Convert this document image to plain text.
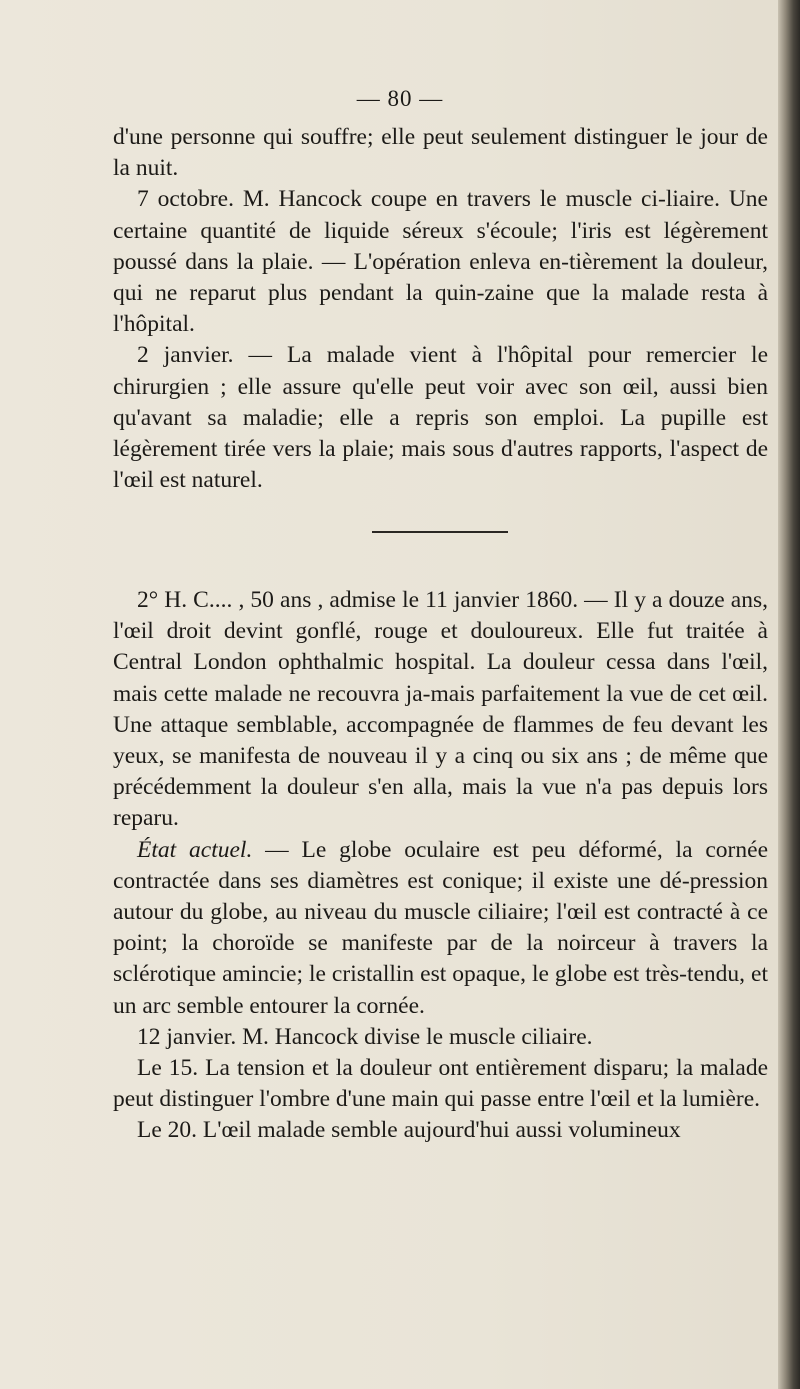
— 80 —

d'une personne qui souffre; elle peut seulement distinguer le jour de la nuit.

7 octobre. M. Hancock coupe en travers le muscle ci-liaire. Une certaine quantité de liquide séreux s'écoule; l'iris est légèrement poussé dans la plaie. — L'opération enleva en-tièrement la douleur, qui ne reparut plus pendant la quin-zaine que la malade resta à l'hôpital.

2 janvier. — La malade vient à l'hôpital pour remercier le chirurgien ; elle assure qu'elle peut voir avec son œil, aussi bien qu'avant sa maladie; elle a repris son emploi. La pupille est légèrement tirée vers la plaie; mais sous d'autres rapports, l'aspect de l'œil est naturel.

2° H. C.... , 50 ans , admise le 11 janvier 1860. — Il y a douze ans, l'œil droit devint gonflé, rouge et douloureux. Elle fut traitée à Central London ophthalmic hospital. La douleur cessa dans l'œil, mais cette malade ne recouvra ja-mais parfaitement la vue de cet œil. Une attaque semblable, accompagnée de flammes de feu devant les yeux, se manifesta de nouveau il y a cinq ou six ans ; de même que précédemment la douleur s'en alla, mais la vue n'a pas depuis lors reparu.

État actuel. — Le globe oculaire est peu déformé, la cornée contractée dans ses diamètres est conique; il existe une dé-pression autour du globe, au niveau du muscle ciliaire; l'œil est contracté à ce point; la choroïde se manifeste par de la noirceur à travers la sclérotique amincie; le cristallin est opaque, le globe est très-tendu, et un arc semble entourer la cornée.

12 janvier. M. Hancock divise le muscle ciliaire.

Le 15. La tension et la douleur ont entièrement disparu; la malade peut distinguer l'ombre d'une main qui passe entre l'œil et la lumière.

Le 20. L'œil malade semble aujourd'hui aussi volumineux
